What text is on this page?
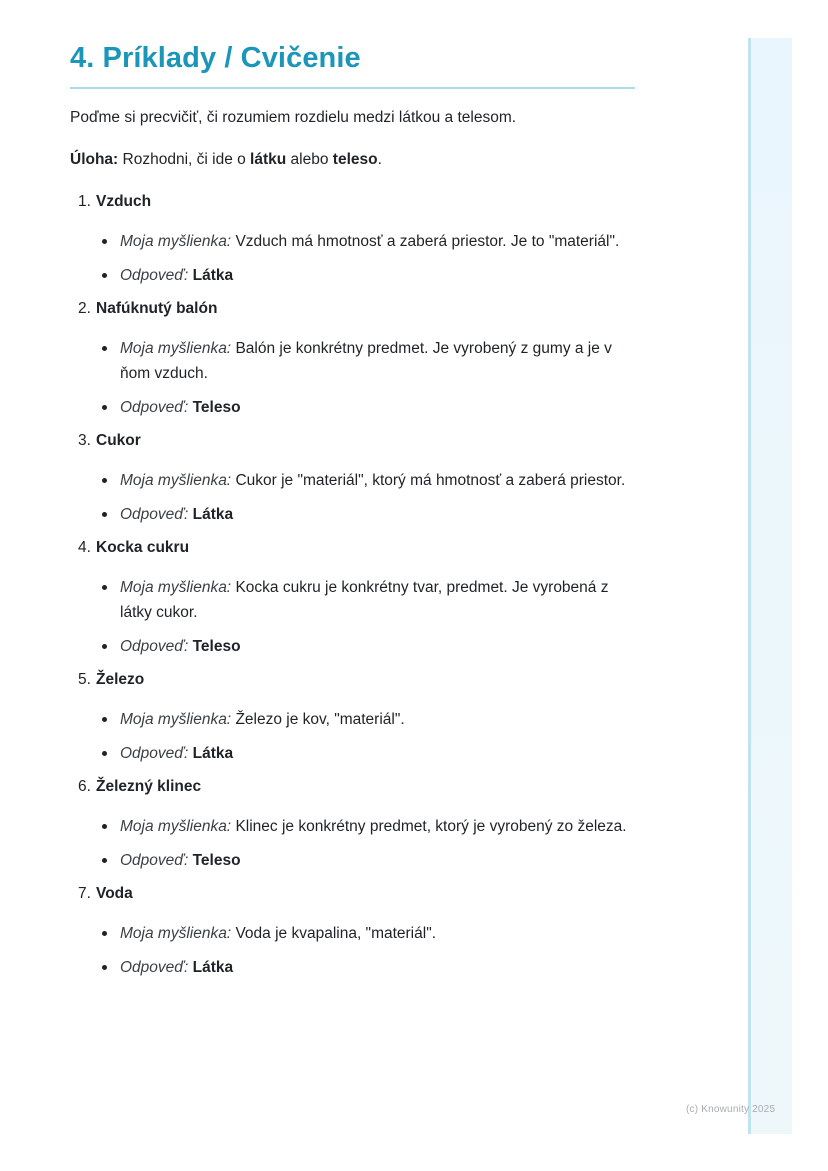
4. Príklady / Cvičenie

Poďme si precvičiť, či rozumiem rozdielu medzi látkou a telesom.

Úloha: Rozhodni, či ide o látku alebo teleso.

1. Vzduch
Moja myšlienka: Vzduch má hmotnosť a zaberá priestor. Je to "materiál".
Odpoveď: Látka
2. Nafúknutý balón
Moja myšlienka: Balón je konkrétny predmet. Je vyrobený z gumy a je v ňom vzduch.
Odpoveď: Teleso
3. Cukor
Moja myšlienka: Cukor je "materiál", ktorý má hmotnosť a zaberá priestor.
Odpoveď: Látka
4. Kocka cukru
Moja myšlienka: Kocka cukru je konkrétny tvar, predmet. Je vyrobená z látky cukor.
Odpoveď: Teleso
5. Železo
Moja myšlienka: Železo je kov, "materiál".
Odpoveď: Látka
6. Železný klinec
Moja myšlienka: Klinec je konkrétny predmet, ktorý je vyrobený zo železa.
Odpoveď: Teleso
7. Voda
Moja myšlienka: Voda je kvapalina, "materiál".
Odpoveď: Látka
(c) Knowunity 2025
